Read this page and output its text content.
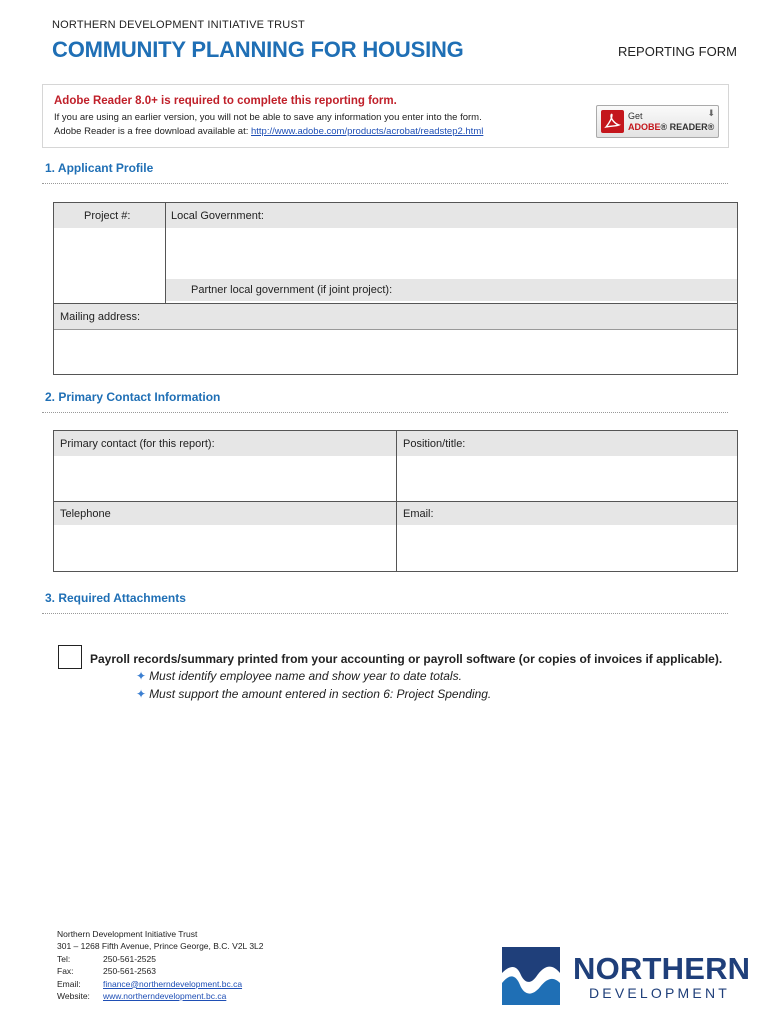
NORTHERN DEVELOPMENT INITIATIVE TRUST
COMMUNITY PLANNING FOR HOUSING	REPORTING FORM
Adobe Reader 8.0+ is required to complete this reporting form.
If you are using an earlier version, you will not be able to save any information you enter into the form.
Adobe Reader is a free download available at: http://www.adobe.com/products/acrobat/readstep2.html
Get
ADOBE® READER®
⬇
1. Applicant Profile
Project #:	Local Government:
Partner local government (if joint project):
Mailing address:
2. Primary Contact Information
Primary contact (for this report):	Position/title:
Telephone	Email:
3. Required Attachments
Payroll records/summary printed from your accounting or payroll software (or copies of invoices if applicable).
✦ Must identify employee name and show year to date totals.
✦ Must support the amount entered in section 6: Project Spending.
Northern Development Initiative Trust
301 – 1268 Fifth Avenue, Prince George, B.C. V2L 3L2
Tel:	250-561-2525
Fax:	250-561-2563
Email:	finance@northerndevelopment.bc.ca
Website: www.northerndevelopment.bc.ca
NORTHERN
DEVELOPMENT
